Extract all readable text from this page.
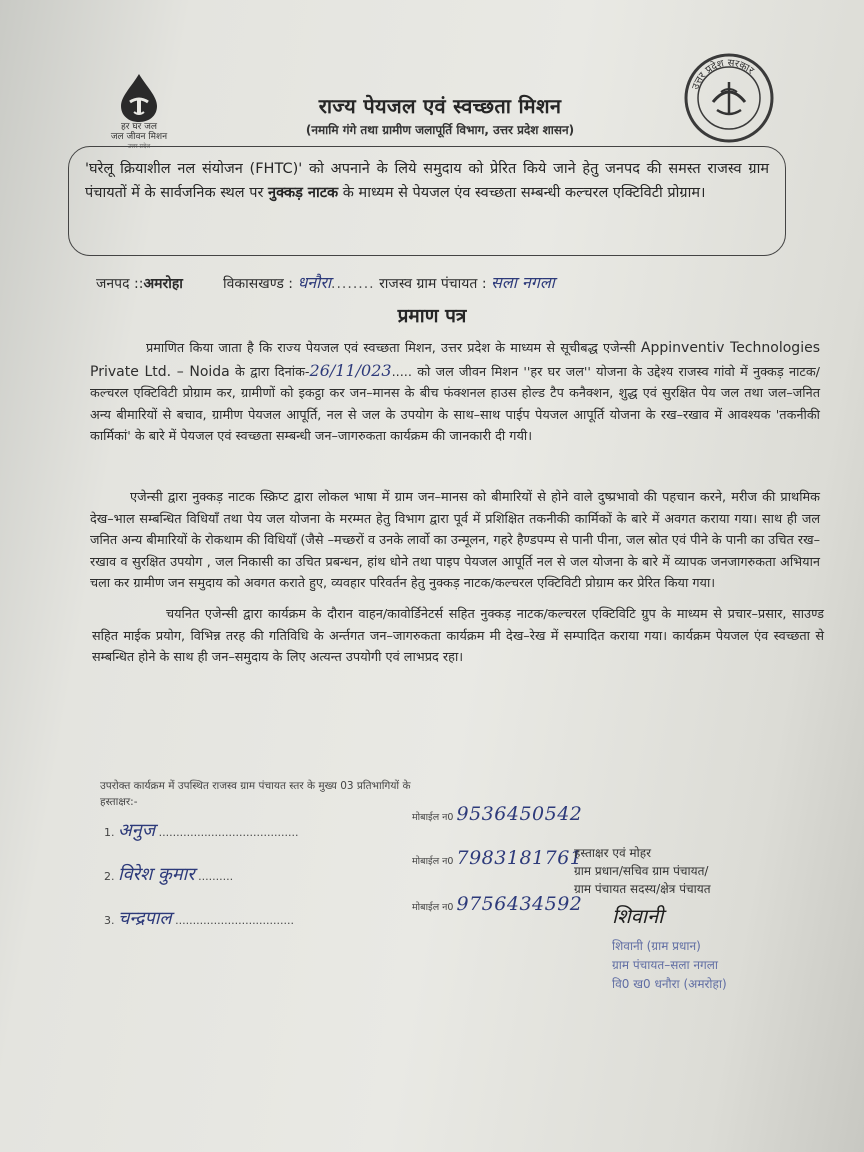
हर घर जल
जल जीवन मिशन
उत्तर प्रदेश
उत्तर प्रदेश सरकार
राज्य पेयजल एवं स्वच्छता मिशन
(नमामि गंगे तथा ग्रामीण जलापूर्ति विभाग, उत्तर प्रदेश शासन)
'घरेलू क्रियाशील नल संयोजन (FHTC)' को अपनाने के लिये समुदाय को प्रेरित किये जाने हेतु जनपद की समस्त राजस्व ग्राम पंचायतों में के सार्वजनिक स्थल पर नुक्कड़ नाटक के माध्यम से पेयजल एंव स्वच्छता सम्बन्धी कल्चरल एक्टिविटी प्रोग्राम।
जनपद ::अमरोहा	विकासखण्ड : धनौरा........ राजस्व ग्राम पंचायत : सला नगला
प्रमाण पत्र
प्रमाणित किया जाता है कि राज्य पेयजल एवं स्वच्छता मिशन, उत्तर प्रदेश के माध्यम से सूचीबद्ध एजेन्सी Appinventiv Technologies Private Ltd. – Noida के द्वारा दिनांक-26/11/023..... को जल जीवन मिशन ''हर घर जल'' योजना के उद्देश्य राजस्व गांवो में नुक्कड़ नाटक/कल्चरल एक्टिविटी प्रोग्राम कर, ग्रामीणों को इकट्ठा कर जन–मानस के बीच फंक्शनल हाउस होल्ड टैप कनैक्शन, शुद्ध एवं सुरक्षित पेय जल तथा जल–जनित अन्य बीमारियों से बचाव, ग्रामीण पेयजल आपूर्ति, नल से जल के उपयोग के साथ–साथ पाईप पेयजल आपूर्ति योजना के रख–रखाव में आवश्यक 'तकनीकी कार्मिकां' के बारे में पेयजल एवं स्वच्छता सम्बन्धी जन–जागरुकता कार्यक्रम की जानकारी दी गयी।
एजेन्सी द्वारा नुक्कड़ नाटक स्क्रिप्ट द्वारा लोकल भाषा में ग्राम जन–मानस को बीमारियों से होने वाले दुष्प्रभावो की पहचान करने, मरीज की प्राथमिक देख–भाल सम्बन्धित विधियाँ तथा पेय जल योजना के मरम्मत हेतु विभाग द्वारा पूर्व में प्रशिक्षित तकनीकी कार्मिकों के बारे में अवगत कराया गया। साथ ही जल जनित अन्य बीमारियों के रोकथाम की विधियाँ (जैसे –मच्छरों व उनके लार्वो का उन्मूलन, गहरे हैण्डपम्प से पानी पीना, जल स्रोत एवं पीने के पानी का उचित रख–रखाव व सुरक्षित उपयोग , जल निकासी का उचित प्रबन्धन, हांथ धोने तथा पाइप पेयजल आपूर्ति नल से जल योजना के बारे में व्यापक जनजागरुकता अभियान चला कर ग्रामीण जन समुदाय को अवगत कराते हुए, व्यवहार परिवर्तन हेतु नुक्कड़ नाटक/कल्चरल एक्टिविटी प्रोग्राम कर प्रेरित किया गया।
चयनित एजेन्सी द्वारा कार्यक्रम के दौरान वाहन/कावोर्डिनेटर्स सहित नुक्कड़ नाटक/कल्चरल एक्टिविटि ग्रुप के माध्यम से प्रचार–प्रसार, साउण्ड सहित माईक प्रयोग, विभिन्न तरह की गतिविधि के अर्न्तगत जन–जागरुकता कार्यक्रम मी देख–रेख में सम्पादित कराया गया। कार्यक्रम पेयजल एंव स्वच्छता से सम्बन्धित होने के साथ ही जन–समुदाय के लिए अत्यन्त उपयोगी एवं लाभप्रद रहा।
उपरोक्त कार्यक्रम में उपस्थित राजस्व ग्राम पंचायत स्तर के मुख्य 03 प्रतिभागियों के
हस्ताक्षर:-
1. अनुज ........................................
2. विरेश कुमार ..........
3. चन्द्रपाल ..................................
मोबाईल न0 9536450542
मोबाईल न0 7983181761
मोबाईल न0 9756434592
हस्ताक्षर एवं मोहर
ग्राम प्रधान/सचिव ग्राम पंचायत/
ग्राम पंचायत सदस्य/क्षेत्र पंचायत
शिवानी
शिवानी (ग्राम प्रधान)
ग्राम पंचायत–सला नगला
वि0 ख0 धनौरा (अमरोहा)
